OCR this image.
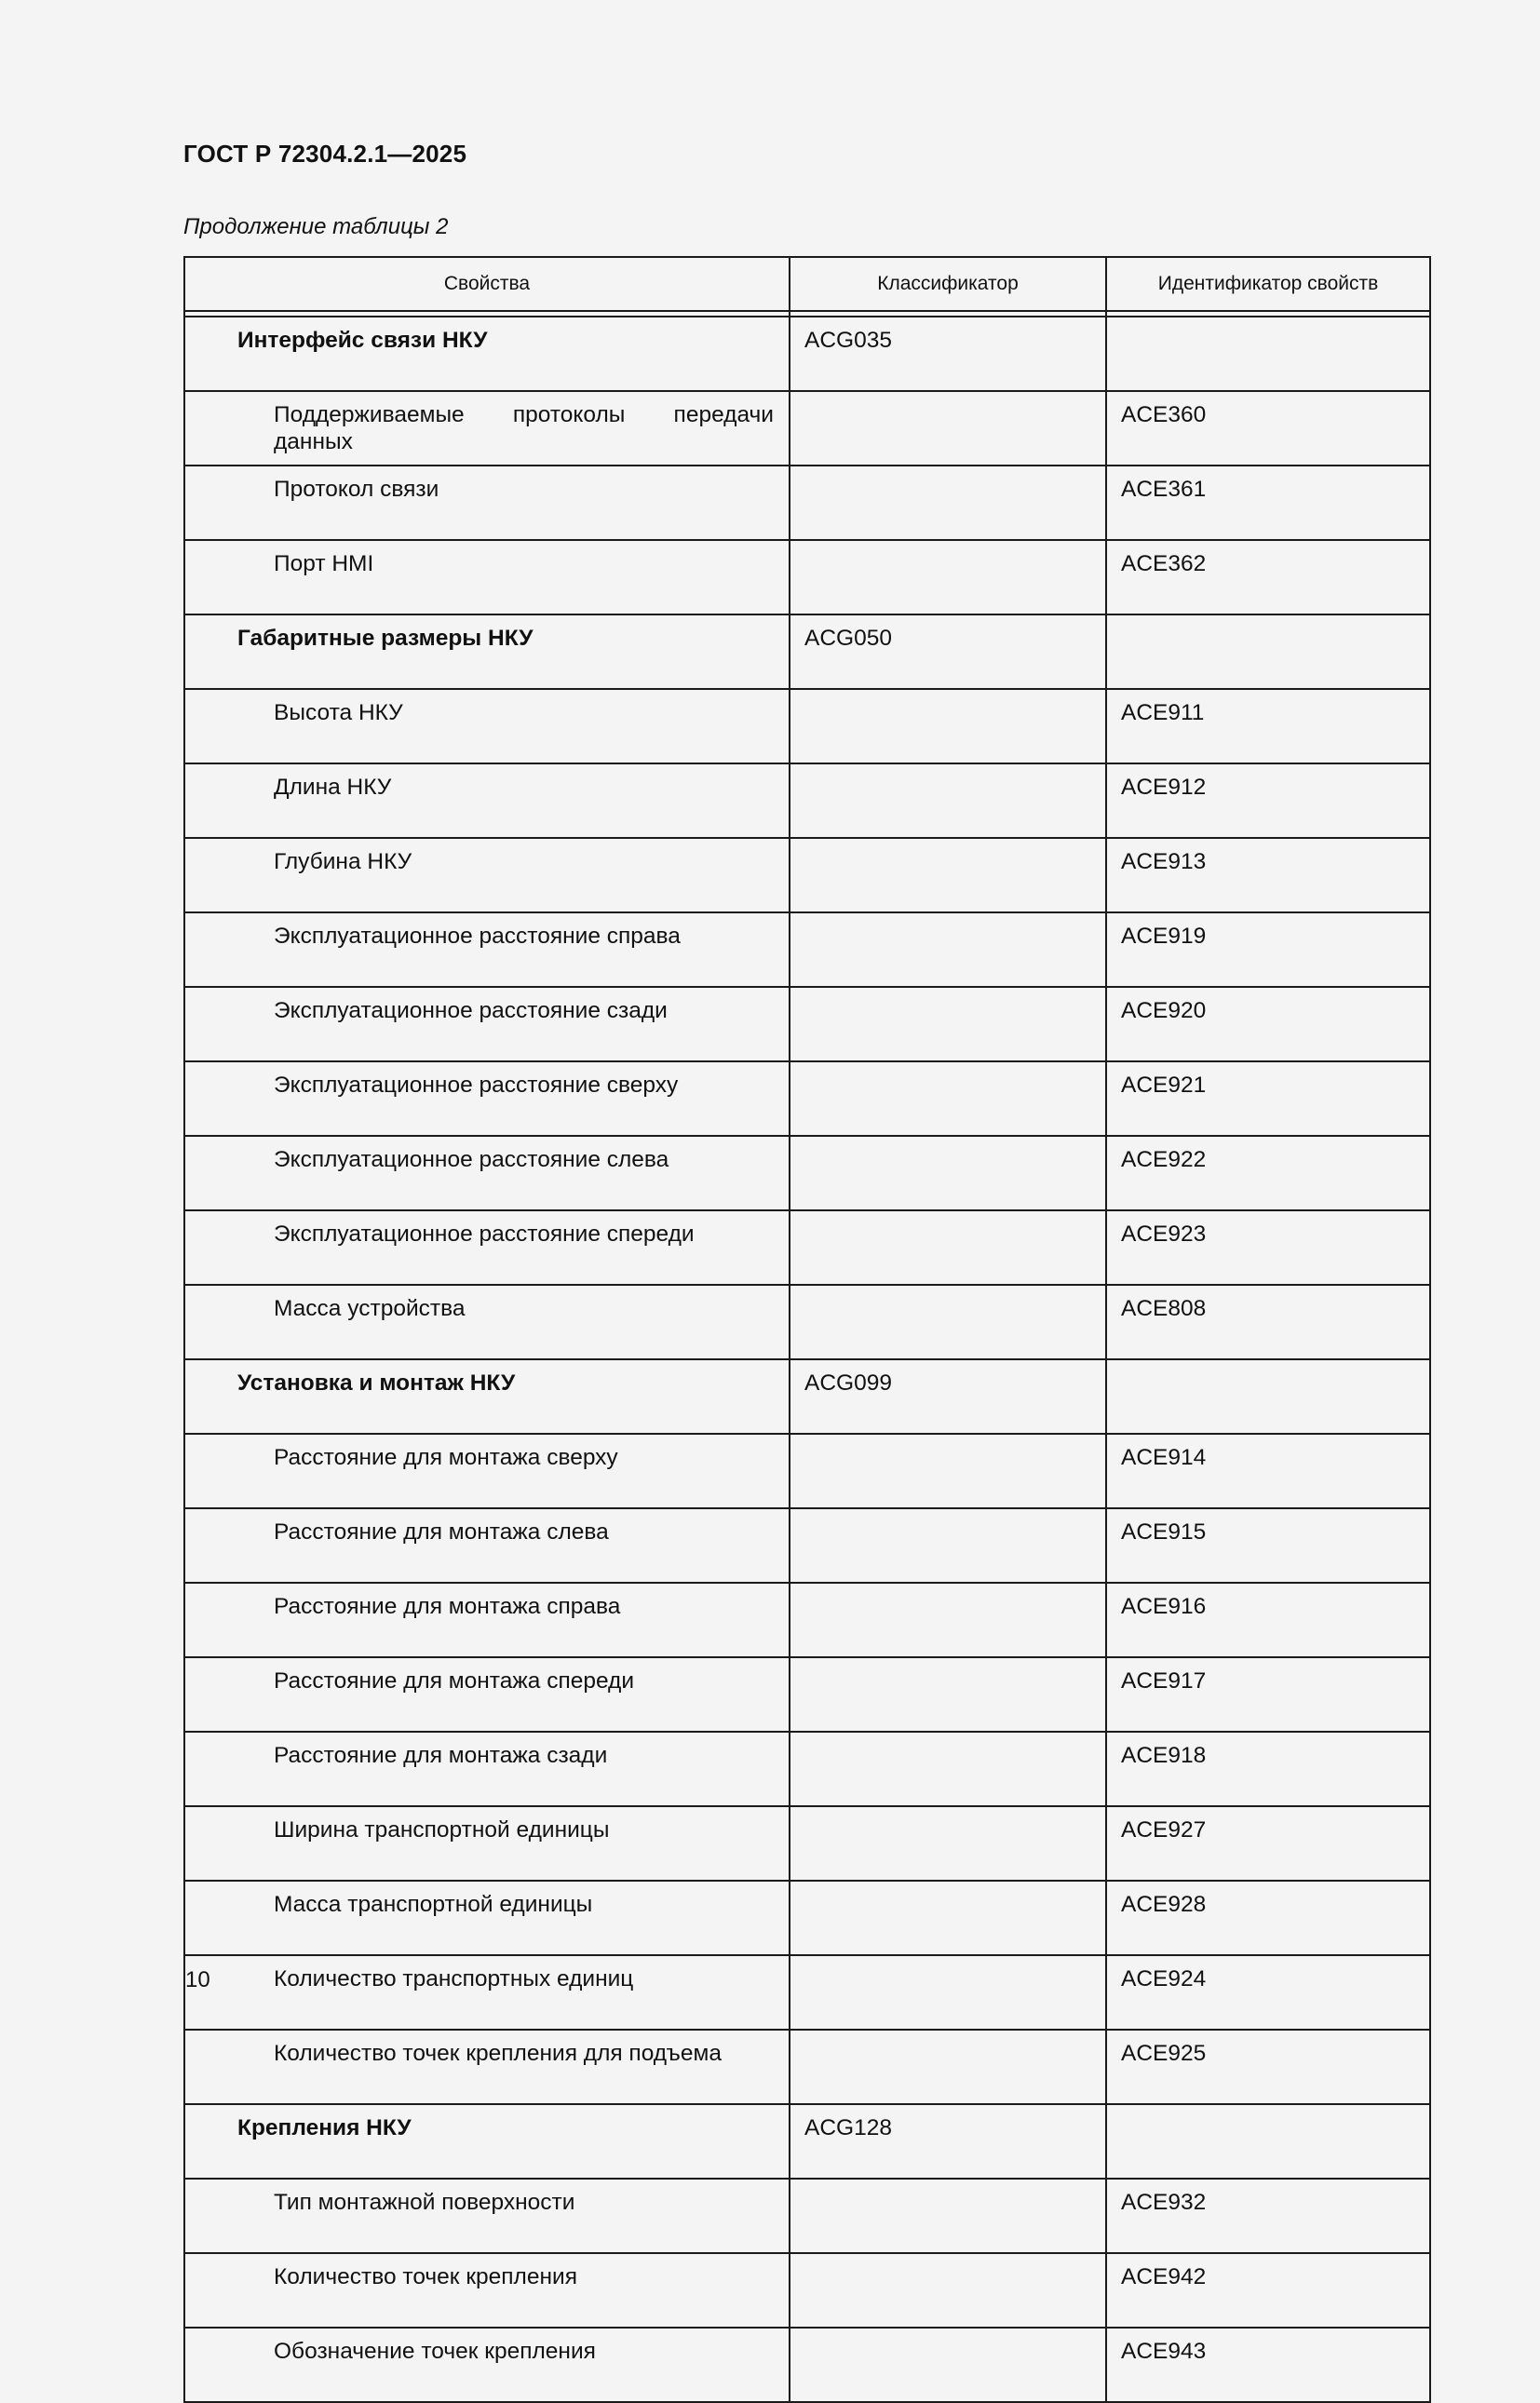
ГОСТ Р 72304.2.1—2025
Продолжение таблицы 2
Свойства	Классификатор	Идентификатор свойств

Интерфейс связи НКУ	ACG035	
Поддерживаемые протоколы передачи данных		ACE360
Протокол связи		ACE361
Порт HMI		ACE362
Габаритные размеры НКУ	ACG050	
Высота НКУ		ACE911
Длина НКУ		ACE912
Глубина НКУ		ACE913
Эксплуатационное расстояние справа		ACE919
Эксплуатационное расстояние сзади		ACE920
Эксплуатационное расстояние сверху		ACE921
Эксплуатационное расстояние слева		ACE922
Эксплуатационное расстояние спереди		ACE923
Масса устройства		ACE808
Установка и монтаж НКУ	ACG099	
Расстояние для монтажа сверху		ACE914
Расстояние для монтажа слева		ACE915
Расстояние для монтажа справа		ACE916
Расстояние для монтажа спереди		ACE917
Расстояние для монтажа сзади		ACE918
Ширина транспортной единицы		ACE927
Масса транспортной единицы		ACE928
Количество транспортных единиц		ACE924
Количество точек крепления для подъема		ACE925
Крепления НКУ	ACG128	
Тип монтажной поверхности		ACE932
Количество точек крепления		ACE942
Обозначение точек крепления		ACE943
10
